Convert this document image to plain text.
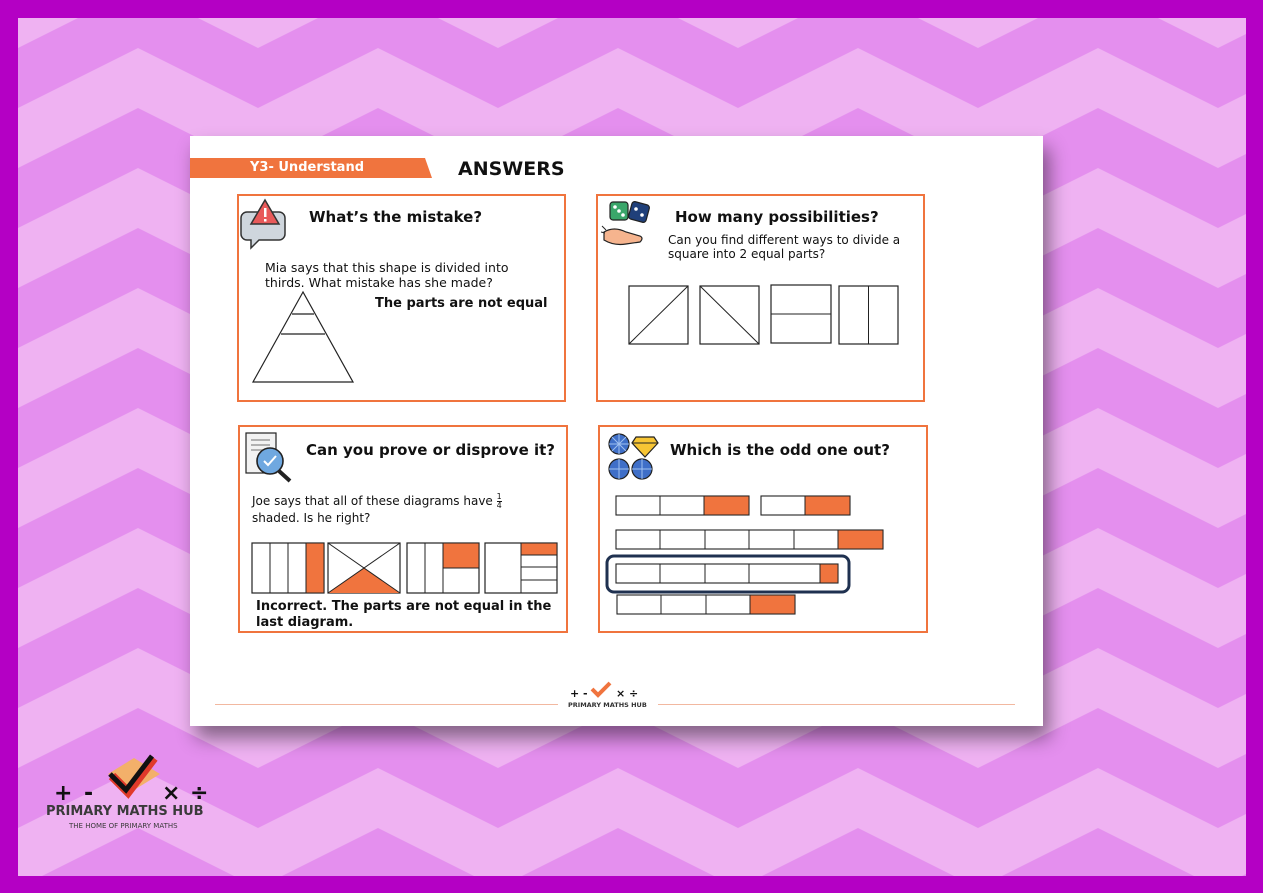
Y3- Understand	ANSWERS
What’s the mistake?
Mia says that this shape is divided into thirds. What mistake has she made?
The parts are not equal
How many possibilities?
Can you find different ways to divide a square into 2 equal parts?
Can you prove or disprove it?
Joe says that all of these diagrams have $\frac{1}{4}$

shaded. Is he right?
Incorrect. The parts are not equal in the last diagram.
Which is the odd one out?
+ -	× ÷
PRIMARY MATHS HUB
+ -	× ÷
PRIMARY MATHS HUB
THE HOME OF PRIMARY MATHS
